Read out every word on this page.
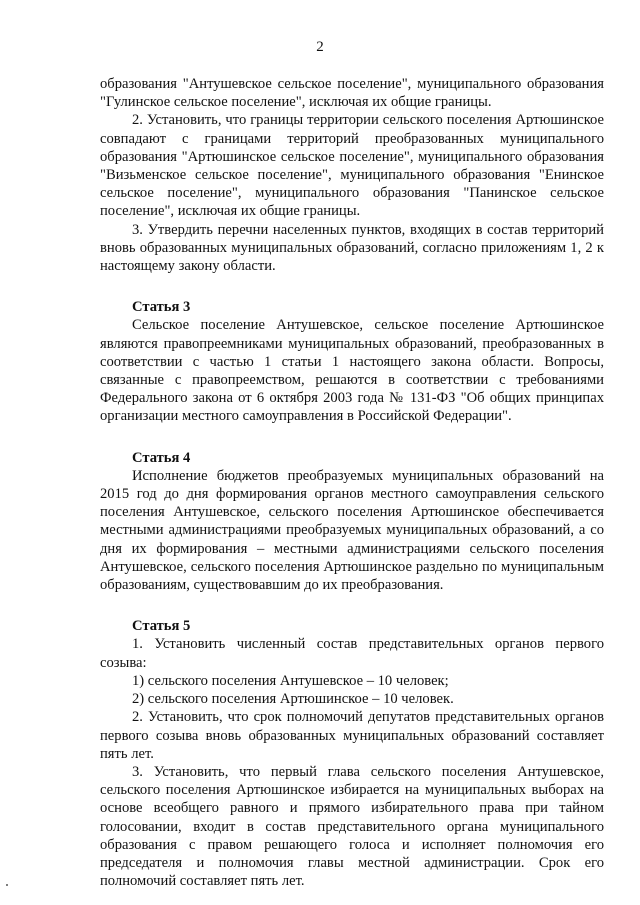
2

образования "Антушевское сельское поселение", муниципального образования "Гулинское сельское поселение", исключая их общие границы.

2. Установить, что границы территории сельского поселения Артюшинское совпадают с границами территорий преобразованных муниципального образования "Артюшинское сельское поселение", муниципального образования "Визьменское сельское поселение", муниципального образования "Енинское сельское поселение", муниципального образования "Панинское сельское поселение", исключая их общие границы.

3. Утвердить перечни населенных пунктов, входящих в состав территорий вновь образованных муниципальных образований, согласно приложениям 1, 2 к настоящему закону области.

Статья 3

Сельское поселение Антушевское, сельское поселение Артюшинское являются правопреемниками муниципальных образований, преобразованных в соответствии с частью 1 статьи 1 настоящего закона области. Вопросы, связанные с правопреемством, решаются в соответствии с требованиями Федерального закона от 6 октября 2003 года № 131-ФЗ "Об общих принципах организации местного самоуправления в Российской Федерации".

Статья 4

Исполнение бюджетов преобразуемых муниципальных образований на 2015 год до дня формирования органов местного самоуправления сельского поселения Антушевское, сельского поселения Артюшинское обеспечивается местными администрациями преобразуемых муниципальных образований, а со дня их формирования – местными администрациями сельского поселения Антушевское, сельского поселения Артюшинское раздельно по муниципальным образованиям, существовавшим до их преобразования.

Статья 5

1. Установить численный состав представительных органов первого созыва:

1) сельского поселения Антушевское – 10 человек;

2) сельского поселения Артюшинское – 10 человек.

2. Установить, что срок полномочий депутатов представительных органов первого созыва вновь образованных муниципальных образований составляет пять лет.

3. Установить, что первый глава сельского поселения Антушевское, сельского поселения Артюшинское избирается на муниципальных выборах на основе всеобщего равного и прямого избирательного права при тайном голосовании, входит в состав представительного органа муниципального образования с правом решающего голоса и исполняет полномочия его председателя и полномочия главы местной администрации. Срок его полномочий составляет пять лет.
